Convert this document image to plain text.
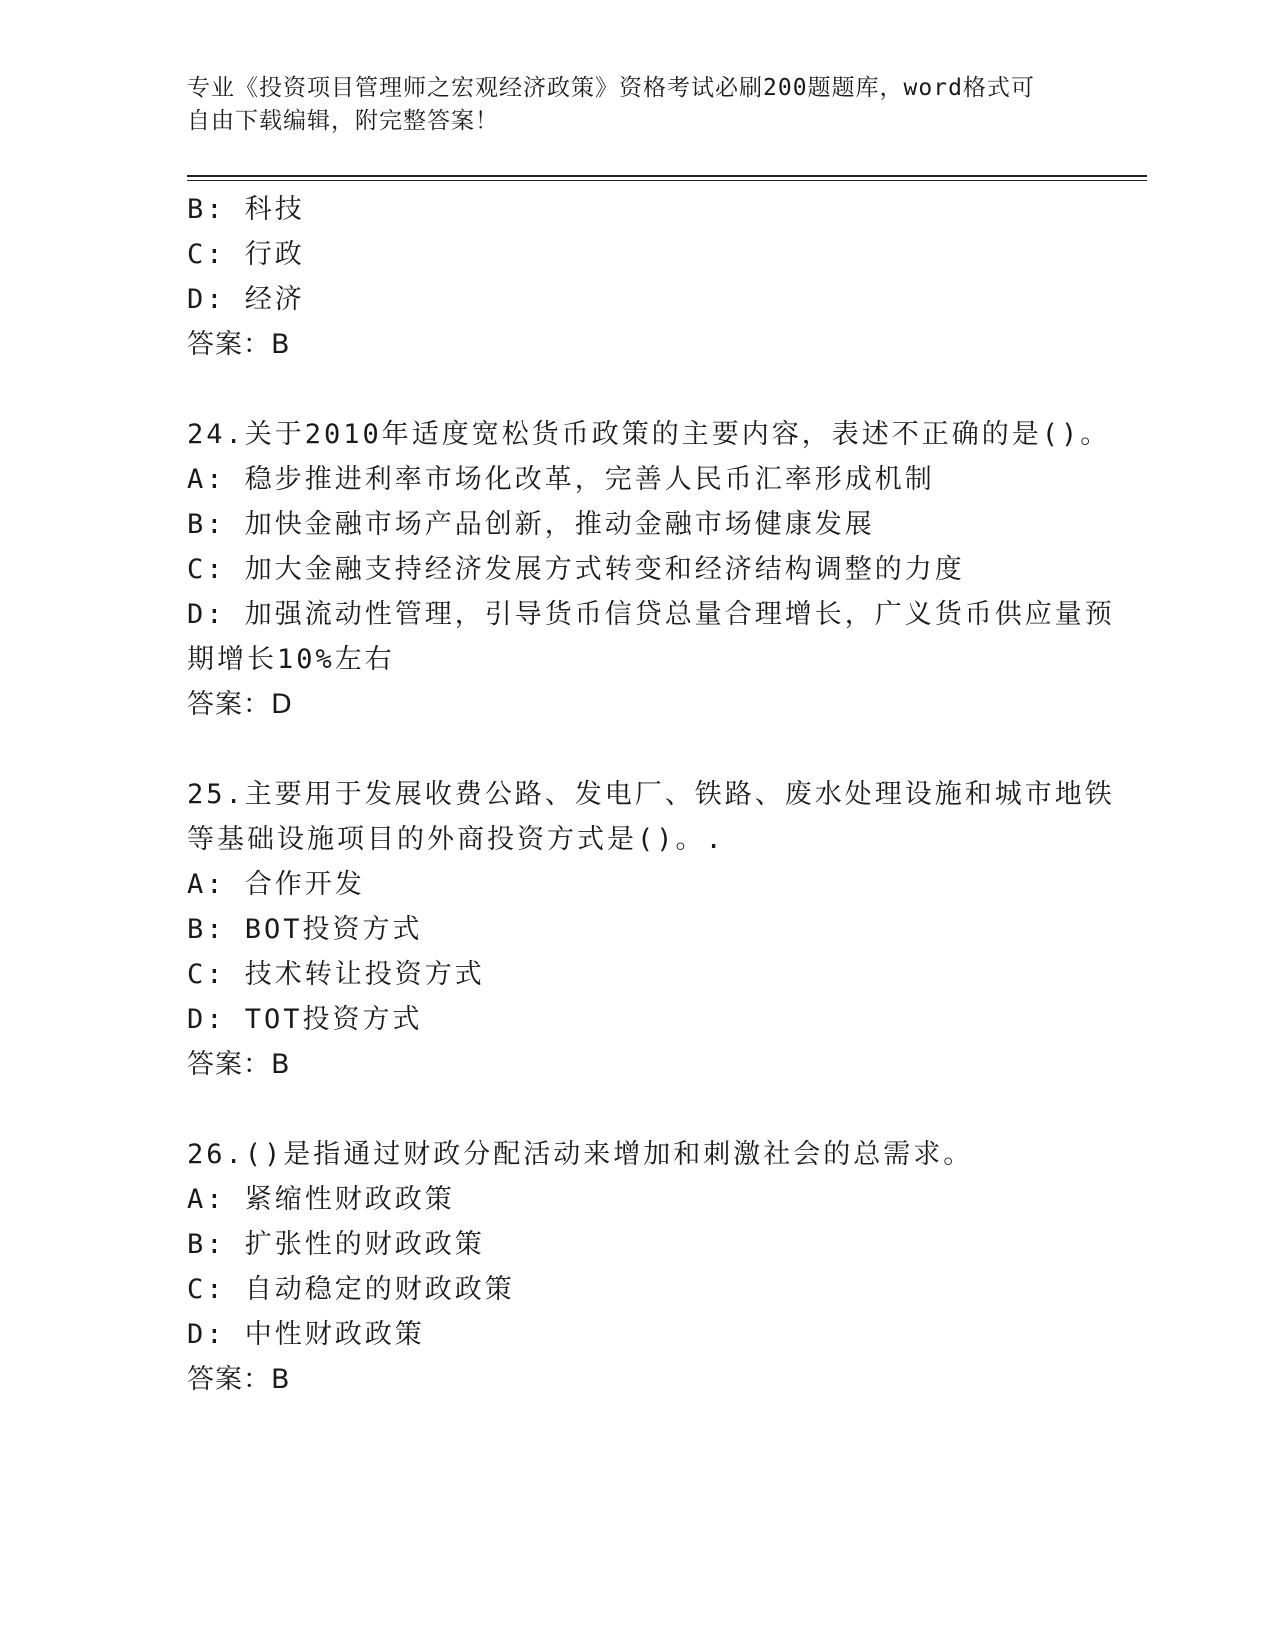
专业《投资项目管理师之宏观经济政策》资格考试必刷200题题库，word格式可
自由下载编辑，附完整答案！
B: 科技
C: 行政
D: 经济
答案：B
24.关于2010年适度宽松货币政策的主要内容，表述不正确的是()。
A: 稳步推进利率市场化改革，完善人民币汇率形成机制
B: 加快金融市场产品创新，推动金融市场健康发展
C: 加大金融支持经济发展方式转变和经济结构调整的力度
D: 加强流动性管理，引导货币信贷总量合理增长，广义货币供应量预
期增长10%左右
答案：D
25.主要用于发展收费公路、发电厂、铁路、废水处理设施和城市地铁
等基础设施项目的外商投资方式是()。.
A: 合作开发
B: BOT投资方式
C: 技术转让投资方式
D: TOT投资方式
答案：B
26.()是指通过财政分配活动来增加和刺激社会的总需求。
A: 紧缩性财政政策
B: 扩张性的财政政策
C: 自动稳定的财政政策
D: 中性财政政策
答案：B
